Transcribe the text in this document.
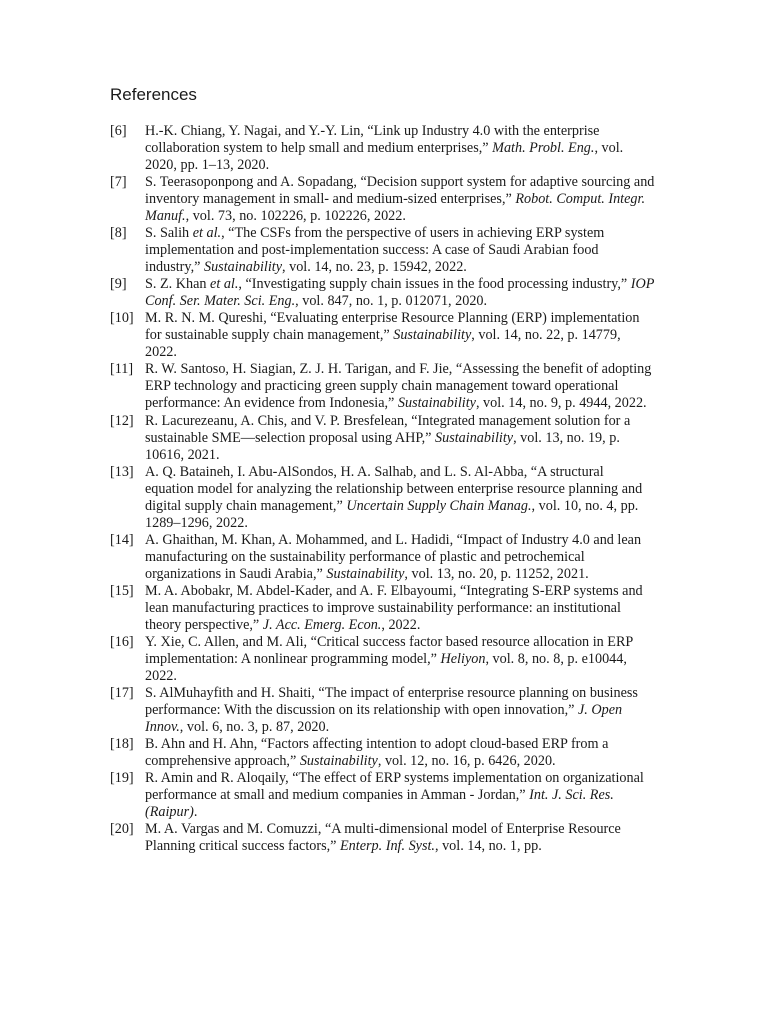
References
[6] H.-K. Chiang, Y. Nagai, and Y.-Y. Lin, “Link up Industry 4.0 with the enterprise collaboration system to help small and medium enterprises,” Math. Probl. Eng., vol. 2020, pp. 1–13, 2020.
[7] S. Teerasoponpong and A. Sopadang, “Decision support system for adaptive sourcing and inventory management in small- and medium-sized enterprises,” Robot. Comput. Integr. Manuf., vol. 73, no. 102226, p. 102226, 2022.
[8] S. Salih et al., “The CSFs from the perspective of users in achieving ERP system implementation and post-implementation success: A case of Saudi Arabian food industry,” Sustainability, vol. 14, no. 23, p. 15942, 2022.
[9] S. Z. Khan et al., “Investigating supply chain issues in the food processing industry,” IOP Conf. Ser. Mater. Sci. Eng., vol. 847, no. 1, p. 012071, 2020.
[10] M. R. N. M. Qureshi, “Evaluating enterprise Resource Planning (ERP) implementation for sustainable supply chain management,” Sustainability, vol. 14, no. 22, p. 14779, 2022.
[11] R. W. Santoso, H. Siagian, Z. J. H. Tarigan, and F. Jie, “Assessing the benefit of adopting ERP technology and practicing green supply chain management toward operational performance: An evidence from Indonesia,” Sustainability, vol. 14, no. 9, p. 4944, 2022.
[12] R. Lacurezeanu, A. Chis, and V. P. Bresfelean, “Integrated management solution for a sustainable SME—selection proposal using AHP,” Sustainability, vol. 13, no. 19, p. 10616, 2021.
[13] A. Q. Bataineh, I. Abu-AlSondos, H. A. Salhab, and L. S. Al-Abba, “A structural equation model for analyzing the relationship between enterprise resource planning and digital supply chain management,” Uncertain Supply Chain Manag., vol. 10, no. 4, pp. 1289–1296, 2022.
[14] A. Ghaithan, M. Khan, A. Mohammed, and L. Hadidi, “Impact of Industry 4.0 and lean manufacturing on the sustainability performance of plastic and petrochemical organizations in Saudi Arabia,” Sustainability, vol. 13, no. 20, p. 11252, 2021.
[15] M. A. Abobakr, M. Abdel-Kader, and A. F. Elbayoumi, “Integrating S-ERP systems and lean manufacturing practices to improve sustainability performance: an institutional theory perspective,” J. Acc. Emerg. Econ., 2022.
[16] Y. Xie, C. Allen, and M. Ali, “Critical success factor based resource allocation in ERP implementation: A nonlinear programming model,” Heliyon, vol. 8, no. 8, p. e10044, 2022.
[17] S. AlMuhayfith and H. Shaiti, “The impact of enterprise resource planning on business performance: With the discussion on its relationship with open innovation,” J. Open Innov., vol. 6, no. 3, p. 87, 2020.
[18] B. Ahn and H. Ahn, “Factors affecting intention to adopt cloud-based ERP from a comprehensive approach,” Sustainability, vol. 12, no. 16, p. 6426, 2020.
[19] R. Amin and R. Aloqaily, “The effect of ERP systems implementation on organizational performance at small and medium companies in Amman - Jordan,” Int. J. Sci. Res. (Raipur).
[20] M. A. Vargas and M. Comuzzi, “A multi-dimensional model of Enterprise Resource Planning critical success factors,” Enterp. Inf. Syst., vol. 14, no. 1, pp.
